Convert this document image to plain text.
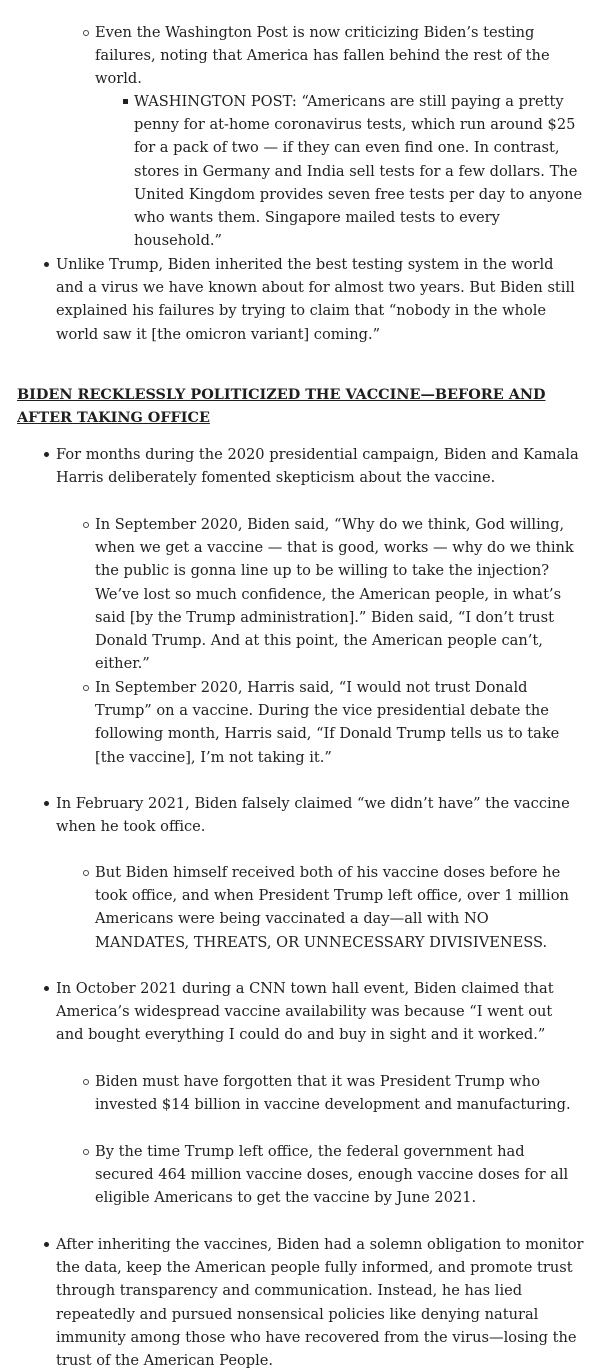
Even the Washington Post is now criticizing Biden’s testing failures, noting that America has fallen behind the rest of the world.

WASHINGTON POST: “Americans are still paying a pretty penny for at-home coronavirus tests, which run around $25 for a pack of two — if they can even find one. In contrast, stores in Germany and India sell tests for a few dollars. The United Kingdom provides seven free tests per day to anyone who wants them. Singapore mailed tests to every household.”

Unlike Trump, Biden inherited the best testing system in the world and a virus we have known about for almost two years. But Biden still explained his failures by trying to claim that “nobody in the whole world saw it [the omicron variant] coming.”

BIDEN RECKLESSLY POLITICIZED THE VACCINE—BEFORE AND AFTER TAKING OFFICE

For months during the 2020 presidential campaign, Biden and Kamala Harris deliberately fomented skepticism about the vaccine.

In September 2020, Biden said, “Why do we think, God willing, when we get a vaccine — that is good, works — why do we think the public is gonna line up to be willing to take the injection? We’ve lost so much confidence, the American people, in what’s said [by the Trump administration].” Biden said, “I don’t trust Donald Trump. And at this point, the American people can’t, either.”

In September 2020, Harris said, “I would not trust Donald Trump” on a vaccine. During the vice presidential debate the following month, Harris said, “If Donald Trump tells us to take [the vaccine], I’m not taking it.”

In February 2021, Biden falsely claimed “we didn’t have” the vaccine when he took office.

But Biden himself received both of his vaccine doses before he took office, and when President Trump left office, over 1 million Americans were being vaccinated a day—all with NO MANDATES, THREATS, OR UNNECESSARY DIVISIVENESS.

In October 2021 during a CNN town hall event, Biden claimed that America’s widespread vaccine availability was because “I went out and bought everything I could do and buy in sight and it worked.”

Biden must have forgotten that it was President Trump who invested $14 billion in vaccine development and manufacturing.

By the time Trump left office, the federal government had secured 464 million vaccine doses, enough vaccine doses for all eligible Americans to get the vaccine by June 2021.

After inheriting the vaccines, Biden had a solemn obligation to monitor the data, keep the American people fully informed, and promote trust through transparency and communication. Instead, he has lied repeatedly and pursued nonsensical policies like denying natural immunity among those who have recovered from the virus—losing the trust of the American People.
